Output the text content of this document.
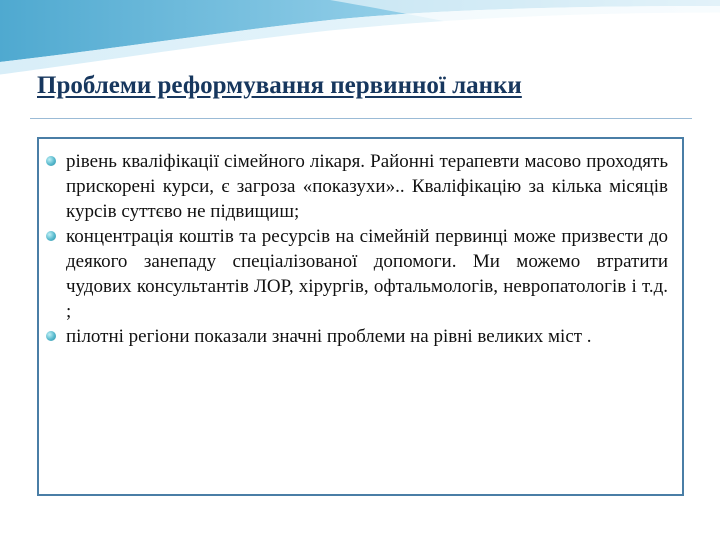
Проблеми реформування первинної ланки
рівень кваліфікації сімейного лікаря. Районні терапевти масово проходять прискорені курси, є загроза «показухи».. Кваліфікацію за кілька місяців курсів суттєво не підвищиш;
концентрація коштів та ресурсів на сімейній первинці може призвести до деякого занепаду спеціалізованої допомоги. Ми можемо втратити чудових консультантів ЛОР, хірургів, офтальмологів, невропатологів і т.д. ;
пілотні регіони показали значні проблеми на рівні великих міст .
